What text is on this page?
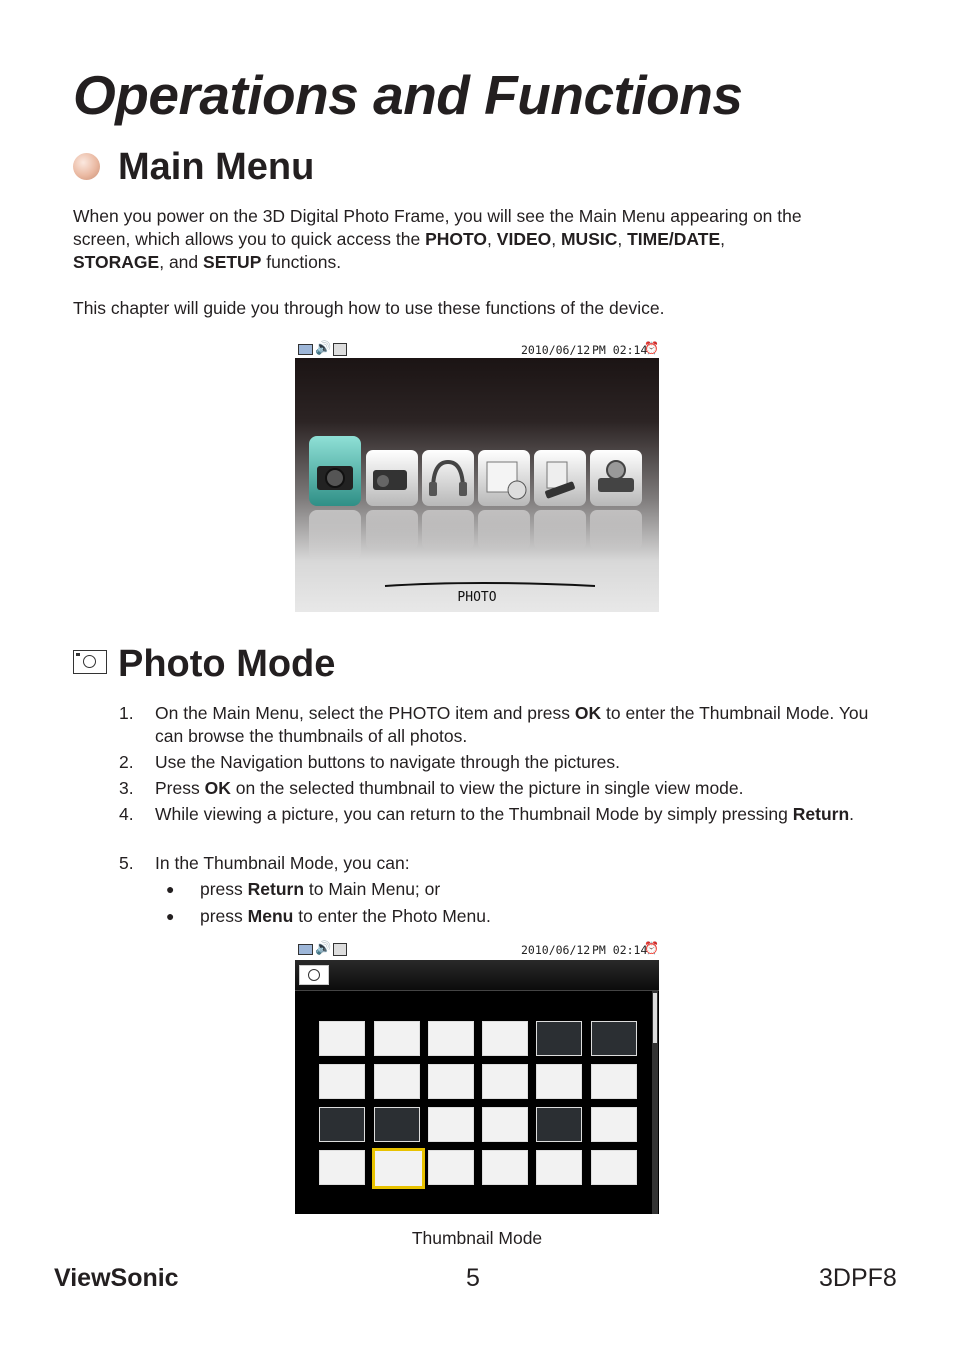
Operations and Functions
Main Menu
When you power on the 3D Digital Photo Frame, you will see the Main Menu appearing on the screen, which allows you to quick access the PHOTO, VIDEO, MUSIC, TIME/DATE,
STORAGE, and SETUP functions.
This chapter will guide you through how to use these functions of the device.
🔊	2010/06/12 PM 02:14
⏰
PHOTO
Photo Mode
1. On the Main Menu, select the PHOTO item and press OK to enter the Thumbnail Mode. You can browse the thumbnails of all photos.
2. Use the Navigation buttons to navigate through the pictures.
3. Press OK on the selected thumbnail to view the picture in single view mode.
4. While viewing a picture, you can return to the Thumbnail Mode by simply pressing Return.
5. In the Thumbnail Mode, you can:
● press Return to Main Menu; or
● press Menu to enter the Photo Menu.
🔊	2010/06/12 PM 02:14
⏰
Thumbnail Mode
ViewSonic	5	3DPF8
